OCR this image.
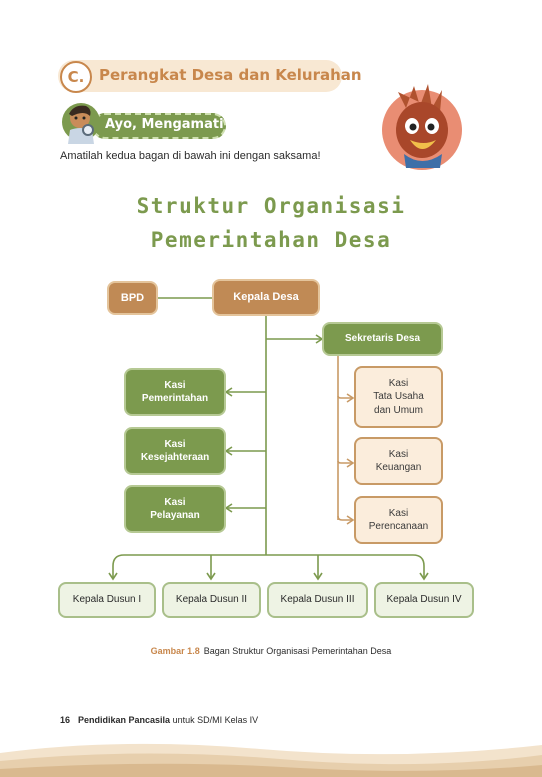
C. Perangkat Desa dan Kelurahan
Ayo, Mengamati
Amatilah kedua bagan di bawah ini dengan saksama!
Struktur Organisasi
Pemerintahan Desa
BPD	Kepala Desa
Sekretaris Desa
Kasi
Pemerintahan
Kasi
Kesejahteraan
Kasi
Pelayanan
Kasi
Tata Usaha
dan Umum
Kasi
Keuangan
Kasi
Perencanaan
Kepala Dusun I	Kepala Dusun II	Kepala Dusun III	Kepala Dusun IV
Gambar 1.8 Bagan Struktur Organisasi Pemerintahan Desa
16 Pendidikan Pancasila untuk SD/MI Kelas IV
